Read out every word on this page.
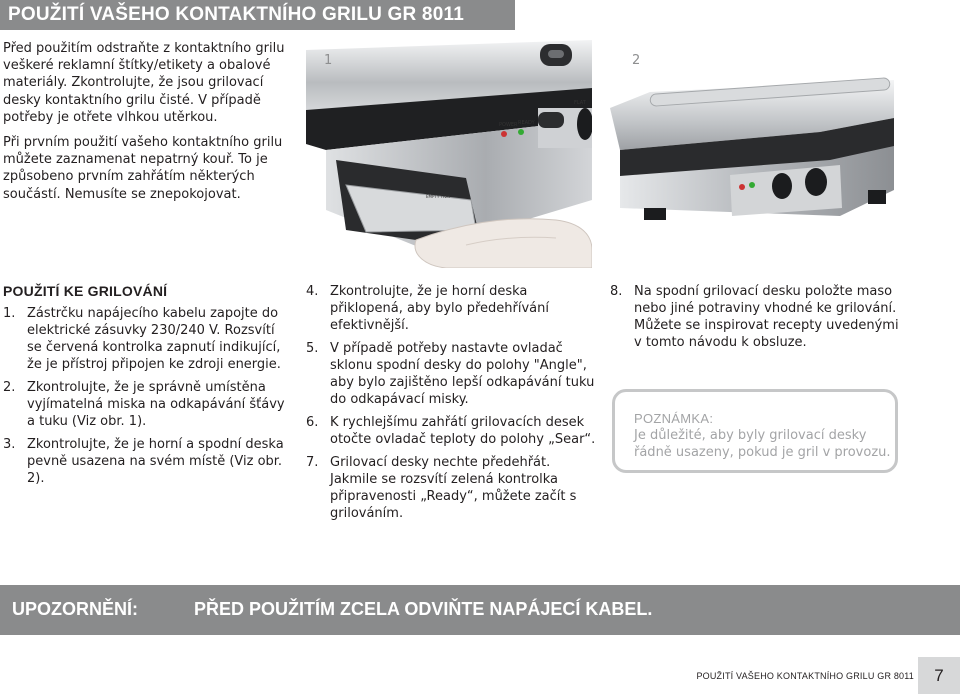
POUŽITÍ VAŠEHO KONTAKTNÍHO GRILU GR 8011

Před použitím odstraňte z kontaktního grilu veškeré reklamní štítky/etikety a obalové materiály. Zkontrolujte, že jsou grilovací desky kontaktního grilu čisté. V případě potřeby je otřete vlhkou utěrkou.

Při prvním použití vašeho kontaktního grilu můžete zaznamenat nepatrný kouř. To je způsobeno prvním zahřátím některých součástí. Nemusíte se znepokojovat.

POWER READY
FLAT
EMPTY TRAY
1	2
POUŽITÍ KE GRILOVÁNÍ
1. Zástrčku napájecího kabelu zapojte do elektrické zásuvky 230/240 V. Rozsvítí se červená kontrolka zapnutí indikující, že je přístroj připojen ke zdroji energie.
2. Zkontrolujte, že je správně umístěna vyjímatelná miska na odkapávání šťávy a tuku (Viz obr. 1).
3. Zkontrolujte, že je horní a spodní deska pevně usazena na svém místě (Viz obr. 2).
4. Zkontrolujte, že je horní deska přiklopená, aby bylo předehřívání efektivnější.
5. V případě potřeby nastavte ovladač sklonu spodní desky do polohy "Angle", aby bylo zajištěno lepší odkapávání tuku do odkapávací misky.
6. K rychlejšímu zahřátí grilovacích desek otočte ovladač teploty do polohy „Sear“.
7. Grilovací desky nechte předehřát. Jakmile se rozsvítí zelená kontrolka připravenosti „Ready“, můžete začít s grilováním.
8. Na spodní grilovací desku položte maso nebo jiné potraviny vhodné ke grilování. Můžete se inspirovat recepty uvedenými v tomto návodu k obsluze.
POZNÁMKA:
Je důležité, aby byly grilovací desky řádně usazeny, pokud je gril v provozu.
UPOZORNĚNÍ:	PŘED POUŽITÍM ZCELA ODVIŇTE NAPÁJECÍ KABEL.
POUŽITÍ VAŠEHO KONTAKTNÍHO GRILU GR 8011	7
